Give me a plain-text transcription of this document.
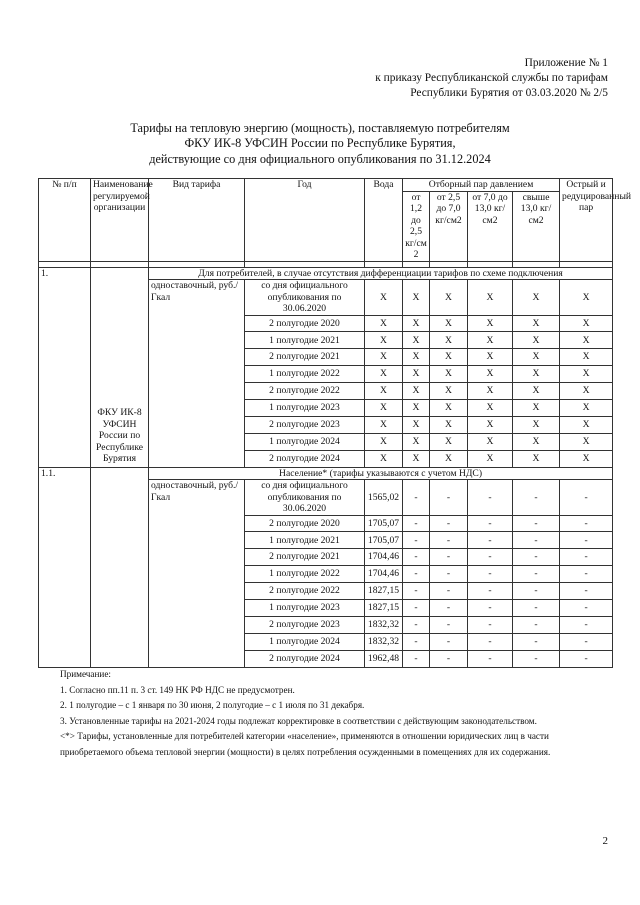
Приложение № 1
к приказу Республиканской службы по тарифам
Республики Бурятия от 03.03.2020 № 2/5
Тарифы на тепловую энергию (мощность), поставляемую потребителям
ФКУ ИК-8 УФСИН России по Республике Бурятия,
действующие со дня официального опубликования по 31.12.2024
№ п/п	Наименование регулируемой организации	Вид тарифа	Год	Вода	Отборный пар давлением				Острый и редуцированный пар
					от 1,2 до 2,5 кг/см 2	от 2,5 до 7,0 кг/см2	от 7,0 до 13,0 кг/см2	свыше 13,0 кг/см2	

1.	ФКУ ИК-8 УФСИН России по Республике Бурятия	Для потребителей, в случае отсутствия дифференциации тарифов по схеме подключения							
		одноставочный, руб./Гкал	со дня официального опубликования по 30.06.2020	X	X	X	X	X	X
			2 полугодие 2020	X	X	X	X	X	X
			1 полугодие 2021	X	X	X	X	X	X
			2 полугодие 2021	X	X	X	X	X	X
			1 полугодие 2022	X	X	X	X	X	X
			2 полугодие 2022	X	X	X	X	X	X
			1 полугодие 2023	X	X	X	X	X	X
			2 полугодие 2023	X	X	X	X	X	X
			1 полугодие 2024	X	X	X	X	X	X
			2 полугодие 2024	X	X	X	X	X	X
1.1.		Население* (тарифы указываются с учетом НДС)							
		одноставочный, руб./Гкал	со дня официального опубликования по 30.06.2020	1565,02	-	-	-	-	-
			2 полугодие 2020	1705,07	-	-	-	-	-
			1 полугодие 2021	1705,07	-	-	-	-	-
			2 полугодие 2021	1704,46	-	-	-	-	-
			1 полугодие 2022	1704,46	-	-	-	-	-
			2 полугодие 2022	1827,15	-	-	-	-	-
			1 полугодие 2023	1827,15	-	-	-	-	-
			2 полугодие 2023	1832,32	-	-	-	-	-
			1 полугодие 2024	1832,32	-	-	-	-	-
			2 полугодие 2024	1962,48	-	-	-	-	-
Примечание:
1. Согласно пп.11 п. 3 ст. 149 НК РФ НДС не предусмотрен.
2. 1 полугодие – с 1 января по 30 июня, 2 полугодие – с 1 июля по 31 декабря.
3. Установленные тарифы на 2021-2024 годы подлежат корректировке в соответствии с действующим законодательством.
<*> Тарифы, установленные для потребителей категории «население», применяются в отношении юридических лиц в части приобретаемого объема тепловой энергии (мощности) в целях потребления осужденными в помещениях для их содержания.
2
